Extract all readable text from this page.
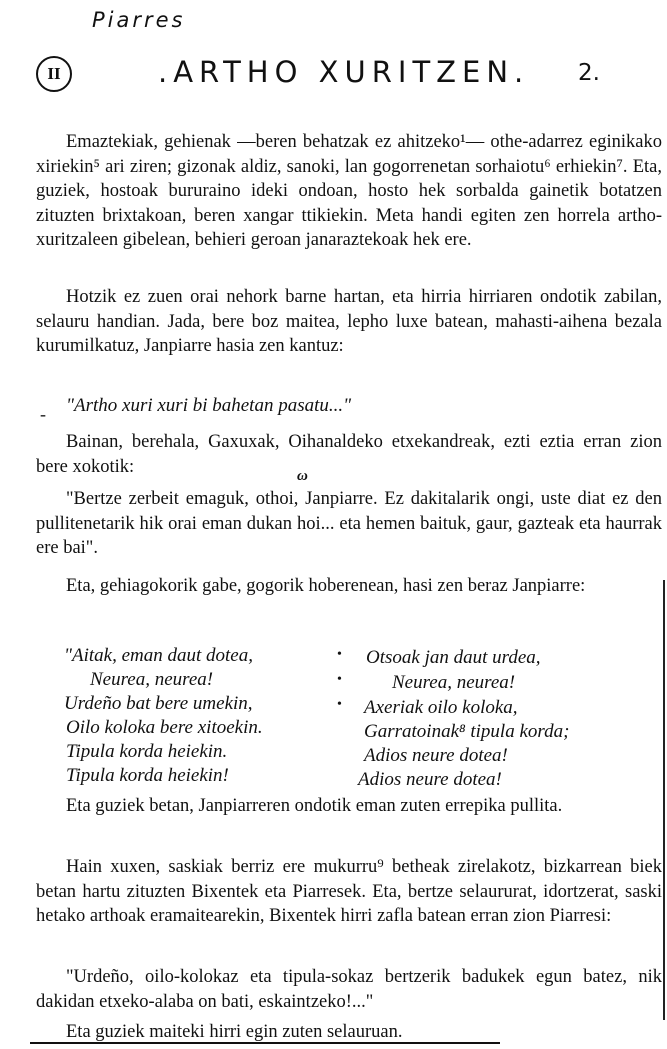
Piarres
II	.ARTHO XURITZEN. 2.

Emaztekiak, gehienak —beren behatzak ez ahitzeko¹— othe-adarrez eginikako xiriekin⁵ ari ziren; gizonak aldiz, sanoki, lan gogorrenetan sorhaiotu⁶ erhiekin⁷. Eta, guziek, hostoak bururaino ideki ondoan, hosto hek sorbalda gainetik botatzen zituzten brixtakoan, beren xangar ttikiekin. Meta handi egiten zen horrela artho-xuritzaleen gibelean, behieri geroan janaraztekoak hek ere.

Hotzik ez zuen orai nehork barne hartan, eta hirria hirriaren ondotik zabilan, selauru handian. Jada, bere boz maitea, lepho luxe batean, mahasti-aihena bezala kurumilkatuz, Janpiarre hasia zen kantuz:

- "Artho xuri xuri bi bahetan pasatu..."

Bainan, berehala, Gaxuxak, Oihanaldeko etxekandreak, ezti eztia erran zion bere xokotik:	ω

"Bertze zerbeit emaguk, othoi, Janpiarre. Ez dakitalarik ongi, uste diat ez den pullitenetarik hik orai eman dukan hoi... eta hemen baituk, gaur, gazteak eta haurrak ere bai".

Eta, gehiagokorik gabe, gogorik hoberenean, hasi zen beraz Janpiarre:

"Aitak, eman daut dotea,
Neurea, neurea!
Urdeño bat bere umekin,
Oilo koloka bere xitoekin.
Tipula korda heiekin.
Tipula korda heiekin!
•
•
•
Otsoak jan daut urdea,
Neurea, neurea!
Axeriak oilo koloka,
Garratoinak⁸ tipula korda;
Adios neure dotea!
Adios neure dotea!

Eta guziek betan, Janpiarreren ondotik eman zuten errepika pullita.

Hain xuxen, saskiak berriz ere mukurru⁹ betheak zirelakotz, bizkarrean biek betan hartu zituzten Bixentek eta Piarresek. Eta, bertze selaururat, idortzerat, saski hetako arthoak eramaitearekin, Bixentek hirri zafla batean erran zion Piarresi:

"Urdeño, oilo-kolokaz eta tipula-sokaz bertzerik badukek egun batez, nik dakidan etxeko-alaba on bati, eskaintzeko!..."

Eta guziek maiteki hirri egin zuten selauruan.
